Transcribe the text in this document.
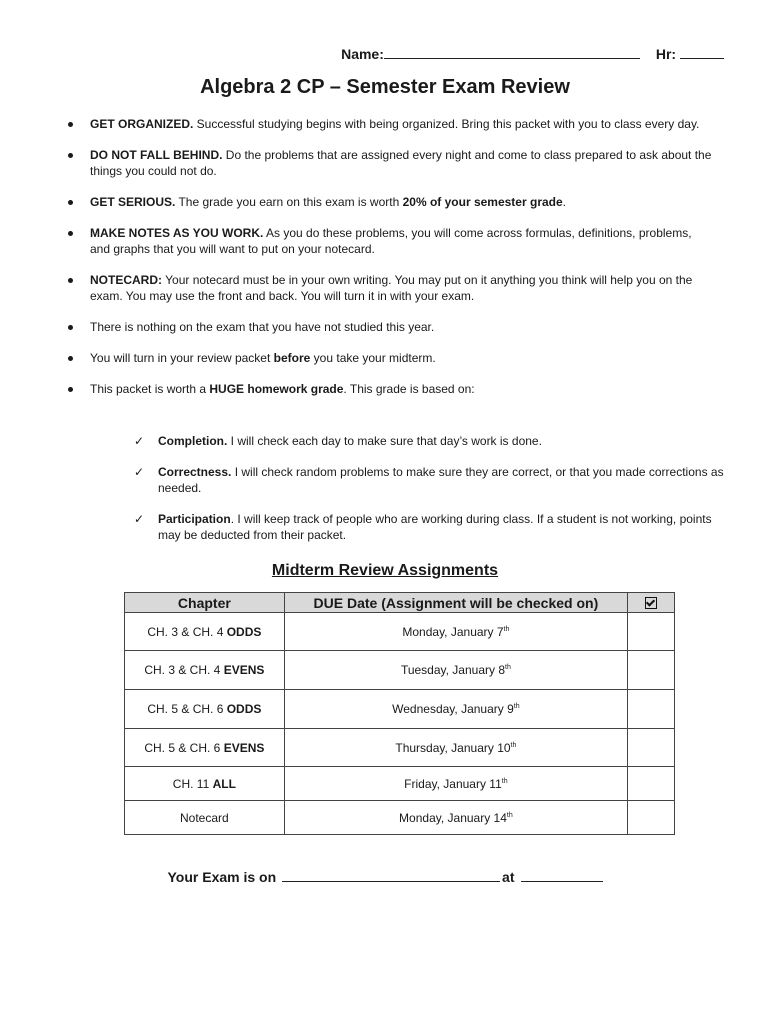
Name:	Hr:
Algebra 2 CP – Semester Exam Review
GET ORGANIZED. Successful studying begins with being organized. Bring this packet with you to class every day.
DO NOT FALL BEHIND. Do the problems that are assigned every night and come to class prepared to ask about the things you could not do.
GET SERIOUS. The grade you earn on this exam is worth 20% of your semester grade.
MAKE NOTES AS YOU WORK. As you do these problems, you will come across formulas, definitions, problems, and graphs that you will want to put on your notecard.
NOTECARD: Your notecard must be in your own writing. You may put on it anything you think will help you on the exam. You may use the front and back. You will turn it in with your exam.
There is nothing on the exam that you have not studied this year.
You will turn in your review packet before you take your midterm.
This packet is worth a HUGE homework grade. This grade is based on:
✓ Completion. I will check each day to make sure that day’s work is done.
✓ Correctness. I will check random problems to make sure they are correct, or that you made corrections as needed.
✓ Participation. I will keep track of people who are working during class. If a student is not working, points may be deducted from their packet.
Midterm Review Assignments
Chapter	DUE Date (Assignment will be checked on)	
CH. 3 & CH. 4 ODDS	Monday, January 7th	
CH. 3 & CH. 4 EVENS	Tuesday, January 8th	
CH. 5 & CH. 6 ODDS	Wednesday, January 9th	
CH. 5 & CH. 6 EVENS	Thursday, January 10th	
CH. 11 ALL	Friday, January 11th	
Notecard	Monday, January 14th	
Your Exam is on	at
